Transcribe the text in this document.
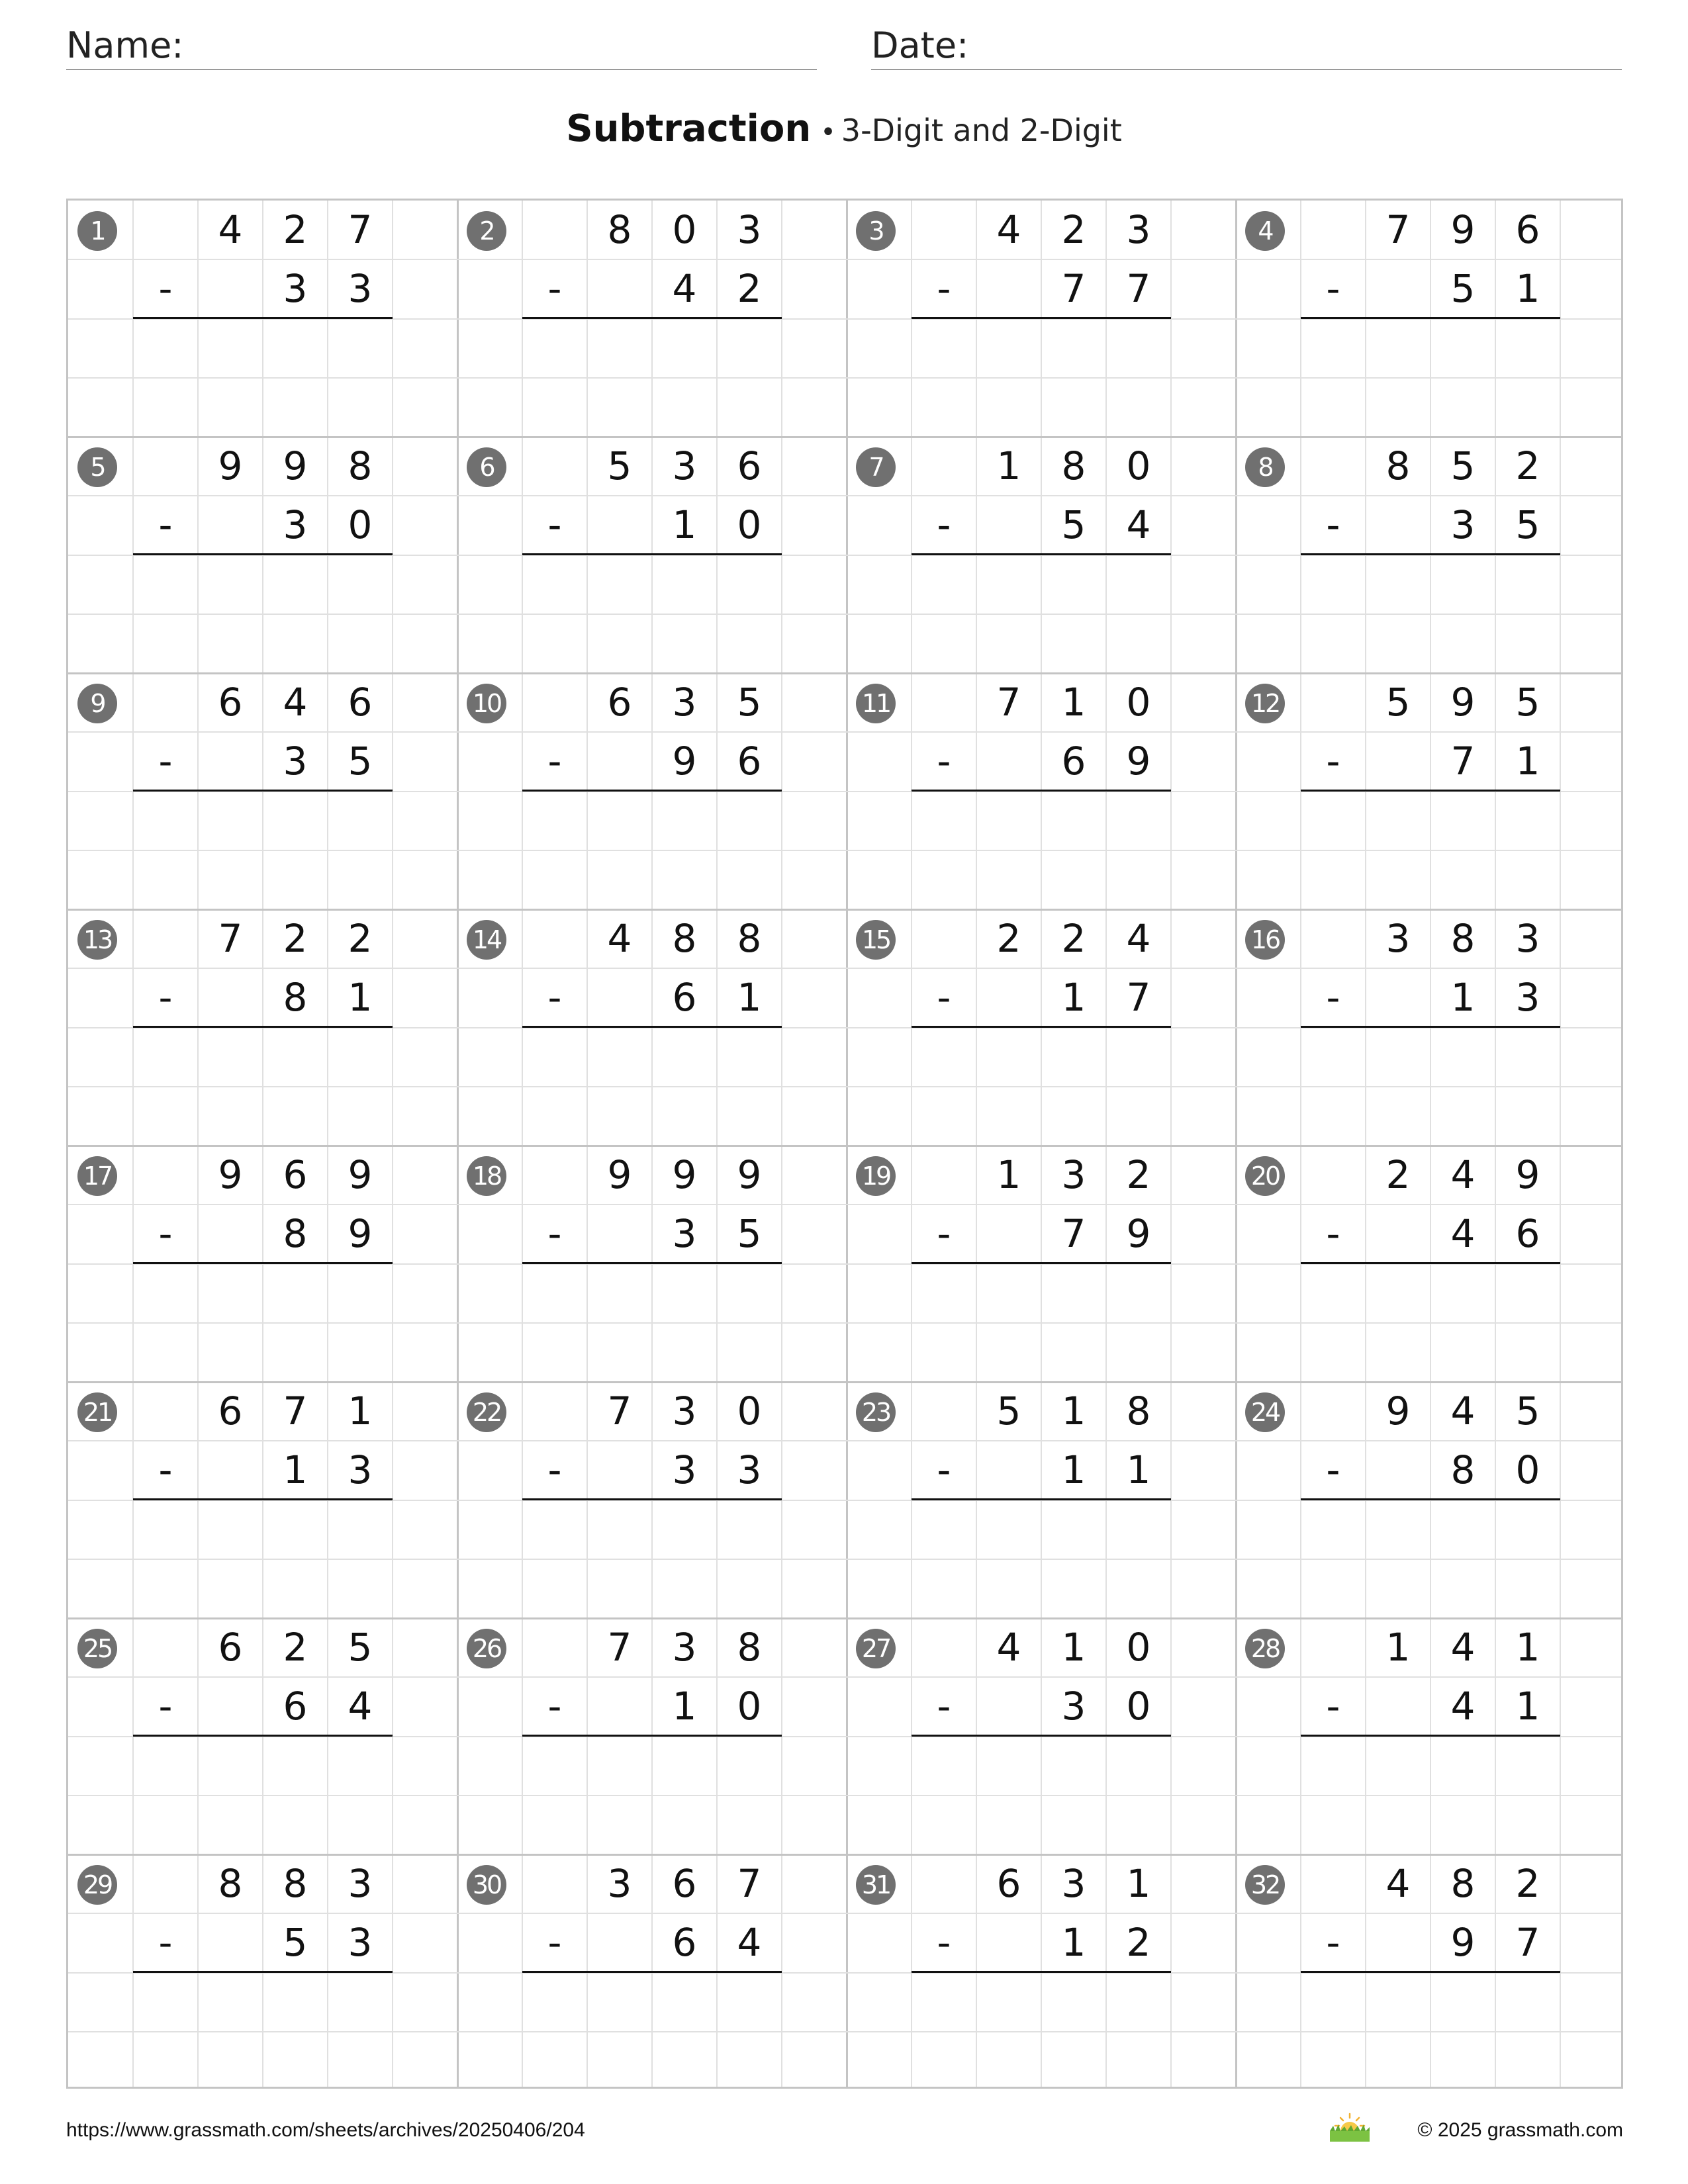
Name:	Date:
Subtraction • 3-Digit and 2-Digit
1	4	2	7
-	3	3
2	8	0	3
-	4	2
3	4	2	3
-	7	7
4	7	9	6
-	5	1
5	9	9	8
-	3	0
6	5	3	6
-	1	0
7	1	8	0
-	5	4
8	8	5	2
-	3	5
9	6	4	6
-	3	5
10	6	3	5
-	9	6
11	7	1	0
-	6	9
12	5	9	5
-	7	1
13	7	2	2
-	8	1
14	4	8	8
-	6	1
15	2	2	4
-	1	7
16	3	8	3
-	1	3
17	9	6	9
-	8	9
18	9	9	9
-	3	5
19	1	3	2
-	7	9
20	2	4	9
-	4	6
21	6	7	1
-	1	3
22	7	3	0
-	3	3
23	5	1	8
-	1	1
24	9	4	5
-	8	0
25	6	2	5
-	6	4
26	7	3	8
-	1	0
27	4	1	0
-	3	0
28	1	4	1
-	4	1
29	8	8	3
-	5	3
30	3	6	7
-	6	4
31	6	3	1
-	1	2
32	4	8	2
-	9	7
https://www.grassmath.com/sheets/archives/20250406/204	© 2025 grassmath.com
